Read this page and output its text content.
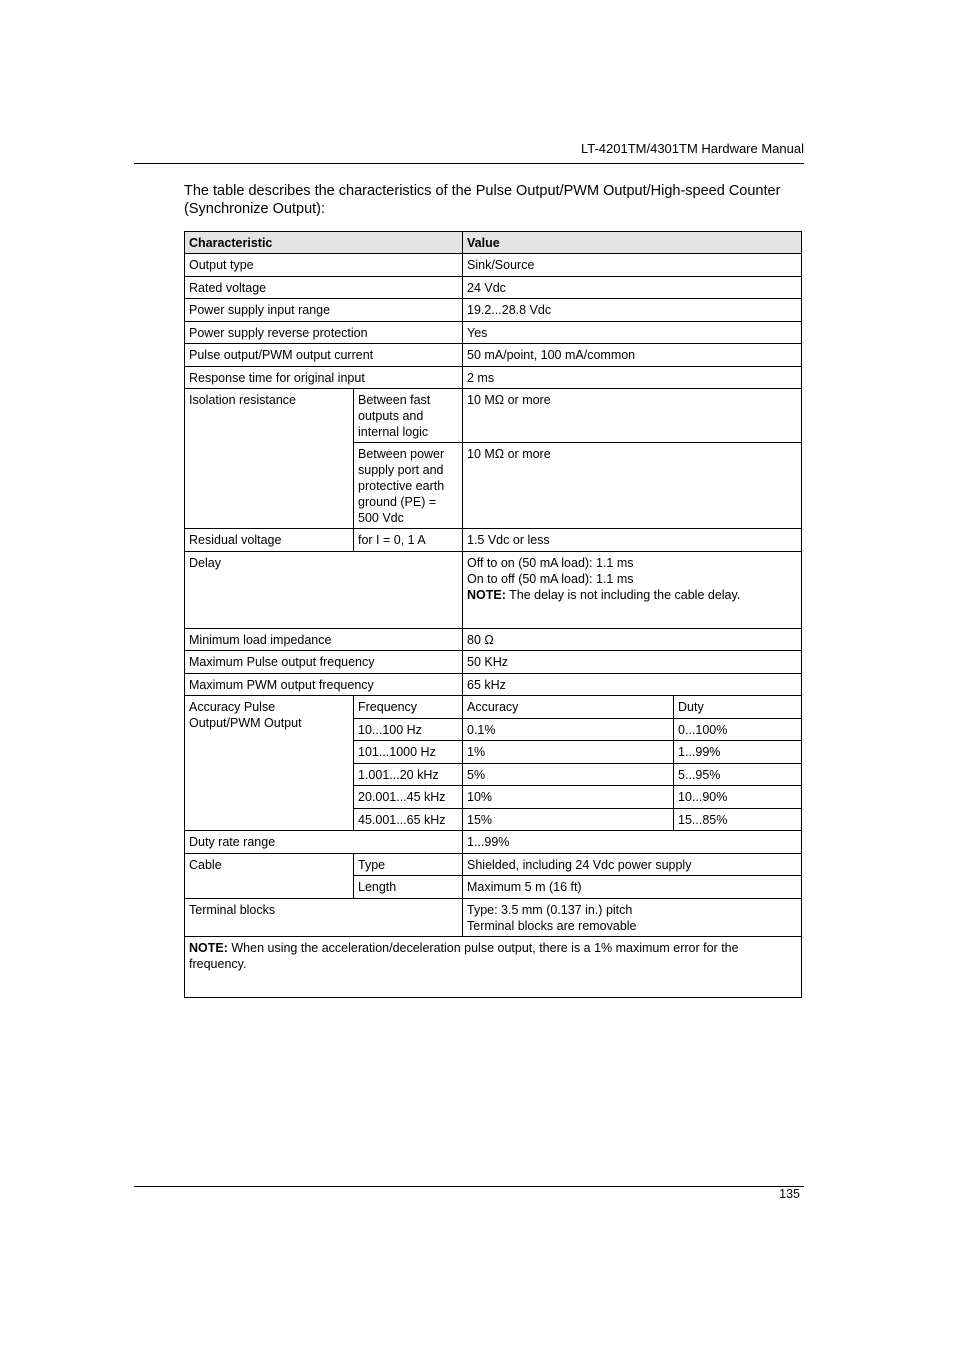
LT-4201TM/4301TM Hardware Manual
The table describes the characteristics of the Pulse Output/PWM Output/High-speed Counter (Synchronize Output):
Characteristic		Value	
Output type		Sink/Source	
Rated voltage		24 Vdc	
Power supply input range		19.2...28.8 Vdc	
Power supply reverse protection		Yes	
Pulse output/PWM output current		50 mA/point, 100 mA/common	
Response time for original input		2 ms	
Isolation resistance	Between fast outputs and internal logic	10 MΩ or more	
	Between power supply port and protective earth ground (PE) = 500 Vdc	10 MΩ or more	
Residual voltage	for I = 0, 1 A	1.5 Vdc or less	
Delay		Off to on (50 mA load): 1.1 ms
On to off (50 mA load): 1.1 ms
NOTE: The delay is not including the cable delay.	

Minimum load impedance		80 Ω	
Maximum Pulse output frequency		50 KHz	
Maximum PWM output frequency		65 kHz	
Accuracy Pulse Output/PWM Output	Frequency	Accuracy	Duty
	10...100 Hz	0.1%	0...100%
	101...1000 Hz	1%	1...99%
	1.001...20 kHz	5%	5...95%
	20.001...45 kHz	10%	10...90%
	45.001...65 kHz	15%	15...85%
Duty rate range		1...99%	
Cable	Type	Shielded, including 24 Vdc power supply	
	Length	Maximum 5 m (16 ft)	
Terminal blocks		Type: 3.5 mm (0.137 in.) pitch
Terminal blocks are removable	

NOTE: When using the acceleration/deceleration pulse output, there is a 1% maximum error for the frequency.			
135
